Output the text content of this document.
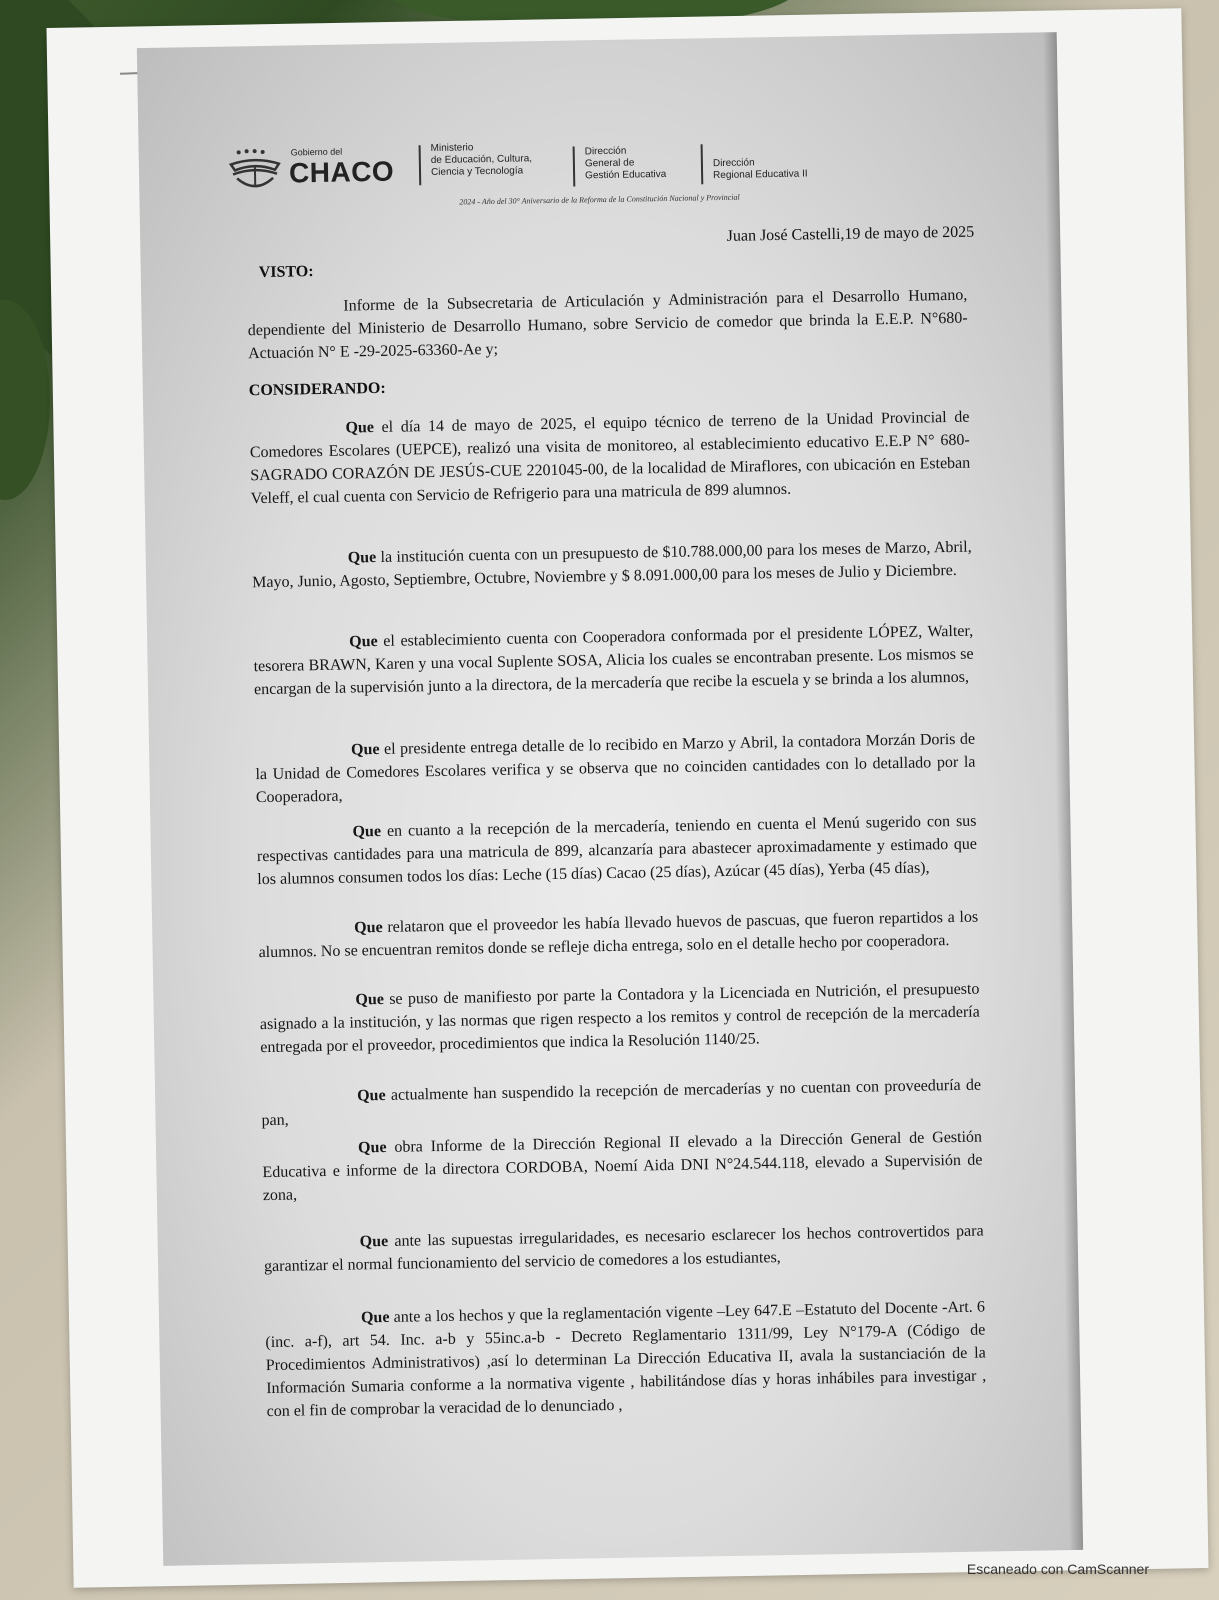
Gobierno del
CHACO
Ministerio
de Educación, Cultura,
Ciencia y Tecnología
Dirección
General de
Gestión Educativa
Dirección
Regional Educativa II
2024 - Año del 30° Aniversario de la Reforma de la Constitución Nacional y Provincial
Juan José Castelli,19 de mayo de 2025
VISTO:

Informe de la Subsecretaria de Articulación y Administración para el Desarrollo Humano, dependiente del Ministerio de Desarrollo Humano, sobre Servicio de comedor que brinda la E.E.P. N°680-Actuación N° E -29-2025-63360-Ae y;

CONSIDERANDO:

Que el día 14 de mayo de 2025, el equipo técnico de terreno de la Unidad Provincial de Comedores Escolares (UEPCE), realizó una visita de monitoreo, al establecimiento educativo E.E.P N° 680-SAGRADO CORAZÓN DE JESÚS-CUE 2201045-00, de la localidad de Miraflores, con ubicación en Esteban Veleff, el cual cuenta con Servicio de Refrigerio para una matricula de 899 alumnos.

Que la institución cuenta con un presupuesto de $10.788.000,00 para los meses de Marzo, Abril, Mayo, Junio, Agosto, Septiembre, Octubre, Noviembre y $ 8.091.000,00 para los meses de Julio y Diciembre.

Que el establecimiento cuenta con Cooperadora conformada por el presidente LÓPEZ, Walter, tesorera BRAWN, Karen y una vocal Suplente SOSA, Alicia los cuales se encontraban presente. Los mismos se encargan de la supervisión junto a la directora, de la mercadería que recibe la escuela y se brinda a los alumnos,

Que el presidente entrega detalle de lo recibido en Marzo y Abril, la contadora Morzán Doris de la Unidad de Comedores Escolares verifica y se observa que no coinciden cantidades con lo detallado por la Cooperadora,

Que en cuanto a la recepción de la mercadería, teniendo en cuenta el Menú sugerido con sus respectivas cantidades para una matricula de 899, alcanzaría para abastecer aproximadamente y estimado que los alumnos consumen todos los días: Leche (15 días) Cacao (25 días), Azúcar (45 días), Yerba (45 días),

Que relataron que el proveedor les había llevado huevos de pascuas, que fueron repartidos a los alumnos. No se encuentran remitos donde se refleje dicha entrega, solo en el detalle hecho por cooperadora.

Que se puso de manifiesto por parte la Contadora y la Licenciada en Nutrición, el presupuesto asignado a la institución, y las normas que rigen respecto a los remitos y control de recepción de la mercadería entregada por el proveedor, procedimientos que indica la Resolución 1140/25.

Que actualmente han suspendido la recepción de mercaderías y no cuentan con proveeduría de pan,

Que obra Informe de la Dirección Regional II elevado a la Dirección General de Gestión Educativa e informe de la directora CORDOBA, Noemí Aida DNI N°24.544.118, elevado a Supervisión de zona,

Que ante las supuestas irregularidades, es necesario esclarecer los hechos controvertidos para garantizar el normal funcionamiento del servicio de comedores a los estudiantes,

Que ante a los hechos y que la reglamentación vigente –Ley 647.E –Estatuto del Docente -Art. 6 (inc. a-f), art 54. Inc. a-b y 55inc.a-b - Decreto Reglamentario 1311/99, Ley N°179-A (Código de Procedimientos Administrativos) ,así lo determinan La Dirección Educativa II, avala la sustanciación de la Información Sumaria conforme a la normativa vigente , habilitándose días y horas inhábiles para investigar , con el fin de comprobar la veracidad de lo denunciado ,

Escaneado con CamScanner
